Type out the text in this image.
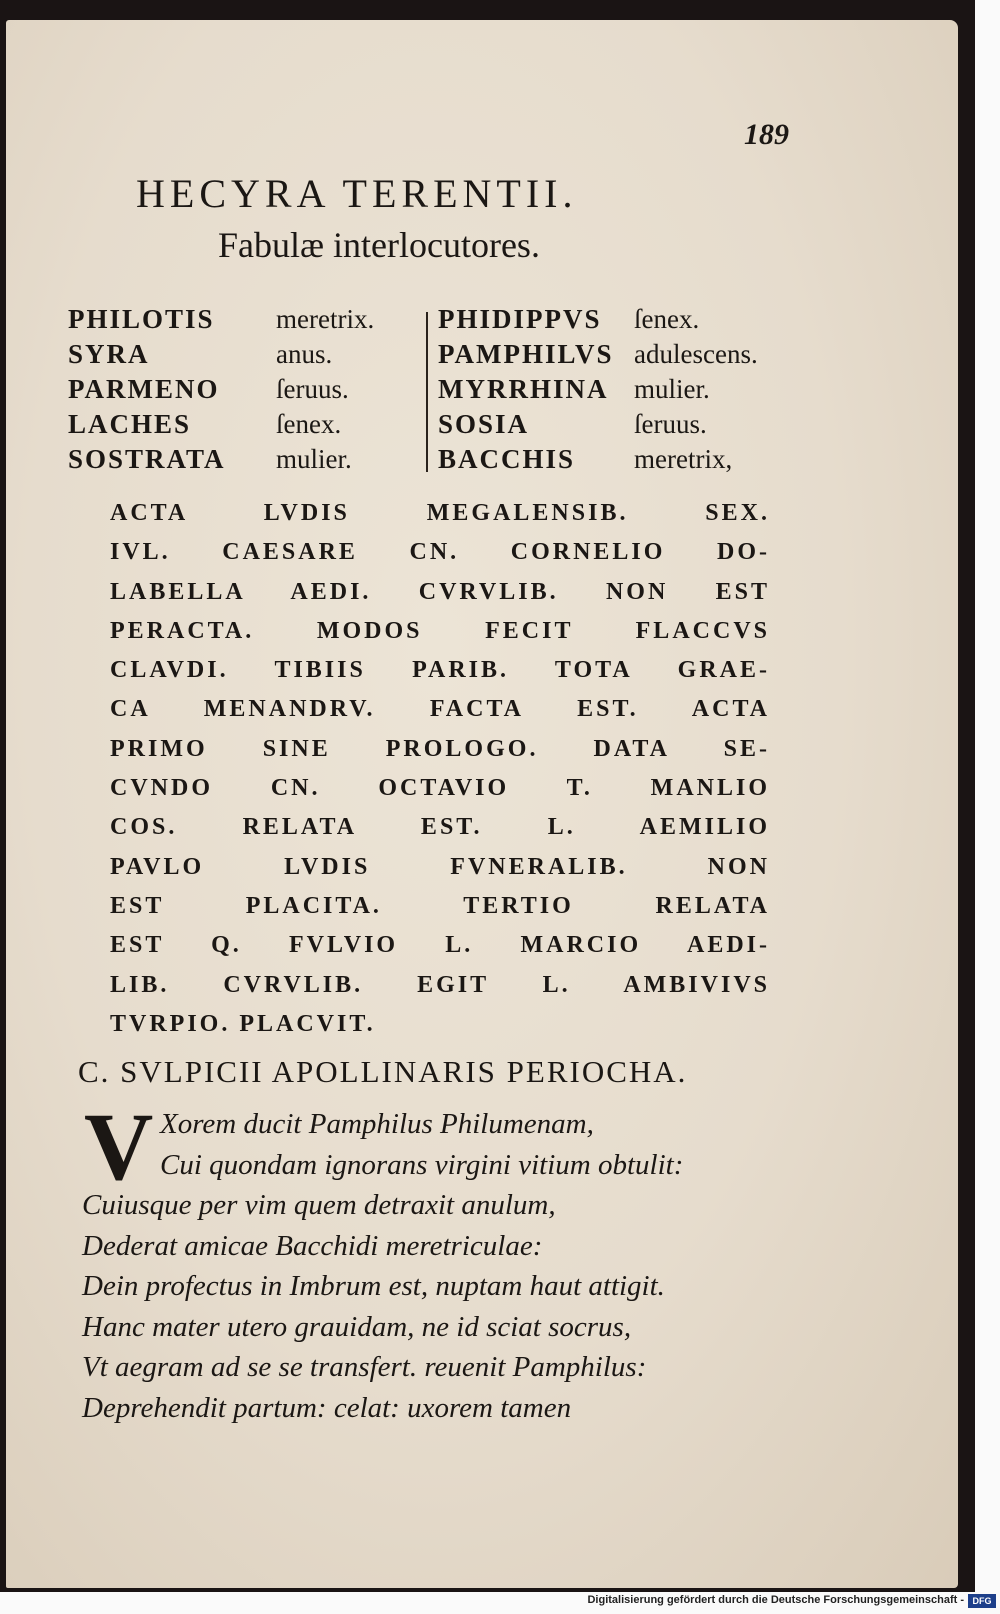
189
HECYRA TERENTII.
Fabulæ interlocutores.
PHILOTIS meretrix.
SYRA	anus.
PARMENO ſeruus.
LACHES	ſenex.
SOSTRATA mulier.
PHIDIPPVS ſenex.
PAMPHILVS adulescens.
MYRRHINA mulier.
SOSIA	ſeruus.
BACCHIS meretrix,
ACTA LVDIS MEGALENSIB. SEX.
IVL. CAESARE CN. CORNELIO DO-
LABELLA AEDI. CVRVLIB. NON EST
PERACTA. MODOS FECIT FLACCVS
CLAVDI. TIBIIS PARIB. TOTA GRAE-
CA MENANDRV. FACTA EST. ACTA
PRIMO SINE PROLOGO. DATA SE-
CVNDO CN. OCTAVIO T. MANLIO
COS. RELATA EST. L. AEMILIO
PAVLO LVDIS FVNERALIB. NON
EST PLACITA. TERTIO RELATA
EST Q. FVLVIO L. MARCIO AEDI-
LIB. CVRVLIB. EGIT L. AMBIVIVS
TVRPIO. PLACVIT.
C. SVLPICII APOLLINARIS PERIOCHA.
V Xorem ducit Pamphilus Philumenam,
Cui quondam ignorans virgini vitium obtulit:
Cuiusque per vim quem detraxit anulum,
Dederat amicae Bacchidi meretriculae:
Dein profectus in Imbrum est, nuptam haut attigit.
Hanc mater utero grauidam, ne id sciat socrus,
Vt aegram ad se se transfert. reuenit Pamphilus:
Deprehendit partum: celat: uxorem tamen
Digitalisierung gefördert durch die Deutsche Forschungsgemeinschaft - DFG
